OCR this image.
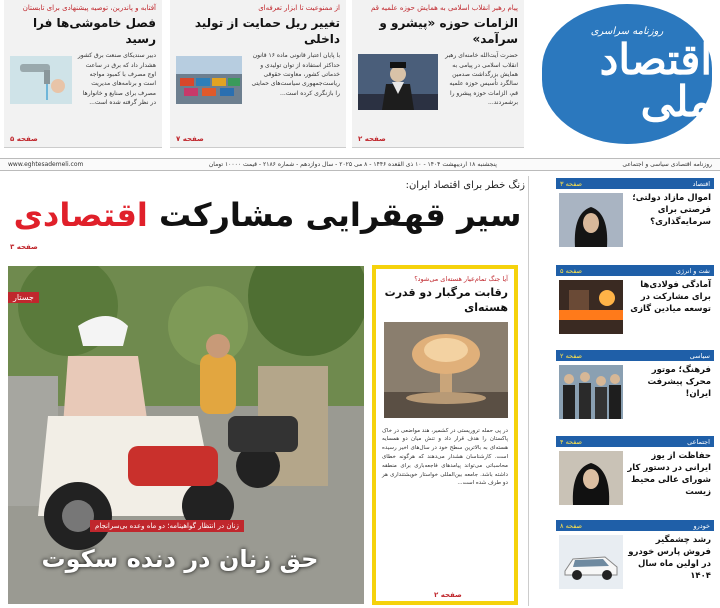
آفتابه و پاندرین، توصیه پیشنهادی برای تابستان
فصل خاموشی‌ها فرا رسید
دبیر سندیکای صنعت برق کشور هشدار داد که برق در ساعت اوج مصرف با کمبود مواجه است و برنامه‌های مدیریت مصرف برای صنایع و خانوارها در نظر گرفته شده است...
صفحه ۵
از ممنوعیت تا ابزار تعرفه‌ای
تغییر ریل حمایت از تولید داخلی
با پایان اعتبار قانونی ماده ۱۶ قانون حداکثر استفاده از توان تولیدی و خدماتی کشور، معاونت حقوقی ریاست‌جمهوری سیاست‌های حمایتی را بازنگری کرده است...
صفحه ۷
پیام رهبر انقلاب اسلامی به همایش حوزه علمیه قم
الزامات حوزه «پیشرو و سرآمد»
حضرت آیت‌الله خامنه‌ای رهبر انقلاب اسلامی در پیامی به همایش بزرگداشت صدمین سالگرد تأسیس حوزه علمیه قم، الزامات حوزه پیشرو را برشمردند...
صفحه ۲
روزنامه سراسری
اقتصاد ملی
روزنامه اقتصادی سیاسی و اجتماعی
پنجشنبه ۱۸ اردیبهشت ۱۴۰۴ - ۱۰ ذی القعده ۱۴۴۶ - ۸ می ۲۰۲۵ - سال دوازدهم - شماره ۲۱۸۶ - قیمت ۱۰۰۰۰ تومان
www.eghtesademeli.com
زنگ خطر برای اقتصاد ایران:
سیر قهقرایی مشارکت اقتصادی
صفحه ۳
جستار
زنان در انتظار گواهینامه؛ دو ماه وعده بی‌سرانجام
حق زنان در دنده سکوت
آیا جنگ تمام‌عیار هسته‌ای می‌شود؟
رقابت مرگبار دو قدرت هسته‌ای
در پی حمله تروریستی در کشمیر، هند مواضعی در خاک پاکستان را هدف قرار داد و تنش میان دو همسایه هسته‌ای به بالاترین سطح خود در سال‌های اخیر رسیده است. کارشناسان هشدار می‌دهند که هرگونه خطای محاسباتی می‌تواند پیامدهای فاجعه‌باری برای منطقه داشته باشد. جامعه بین‌المللی خواستار خویشتنداری هر دو طرف شده است...
صفحه ۲
اقتصاد
صفحه ۳
اموال مازاد دولتی؛ فرصتی برای سرمایه‌گذاری؟
نفت و انرژی
صفحه ۵
آمادگی فولادی‌ها برای مشارکت در توسعه میادین گازی
سیاسی
صفحه ۲
فرهنگ؛ موتور محرک پیشرفت ایران!
اجتماعی
صفحه ۴
حفاظت از یوز ایرانی در دستور کار شورای عالی محیط زیست
خودرو
صفحه ۸
رشد چشمگیر فروش پارس خودرو در اولین ماه سال ۱۴۰۴
